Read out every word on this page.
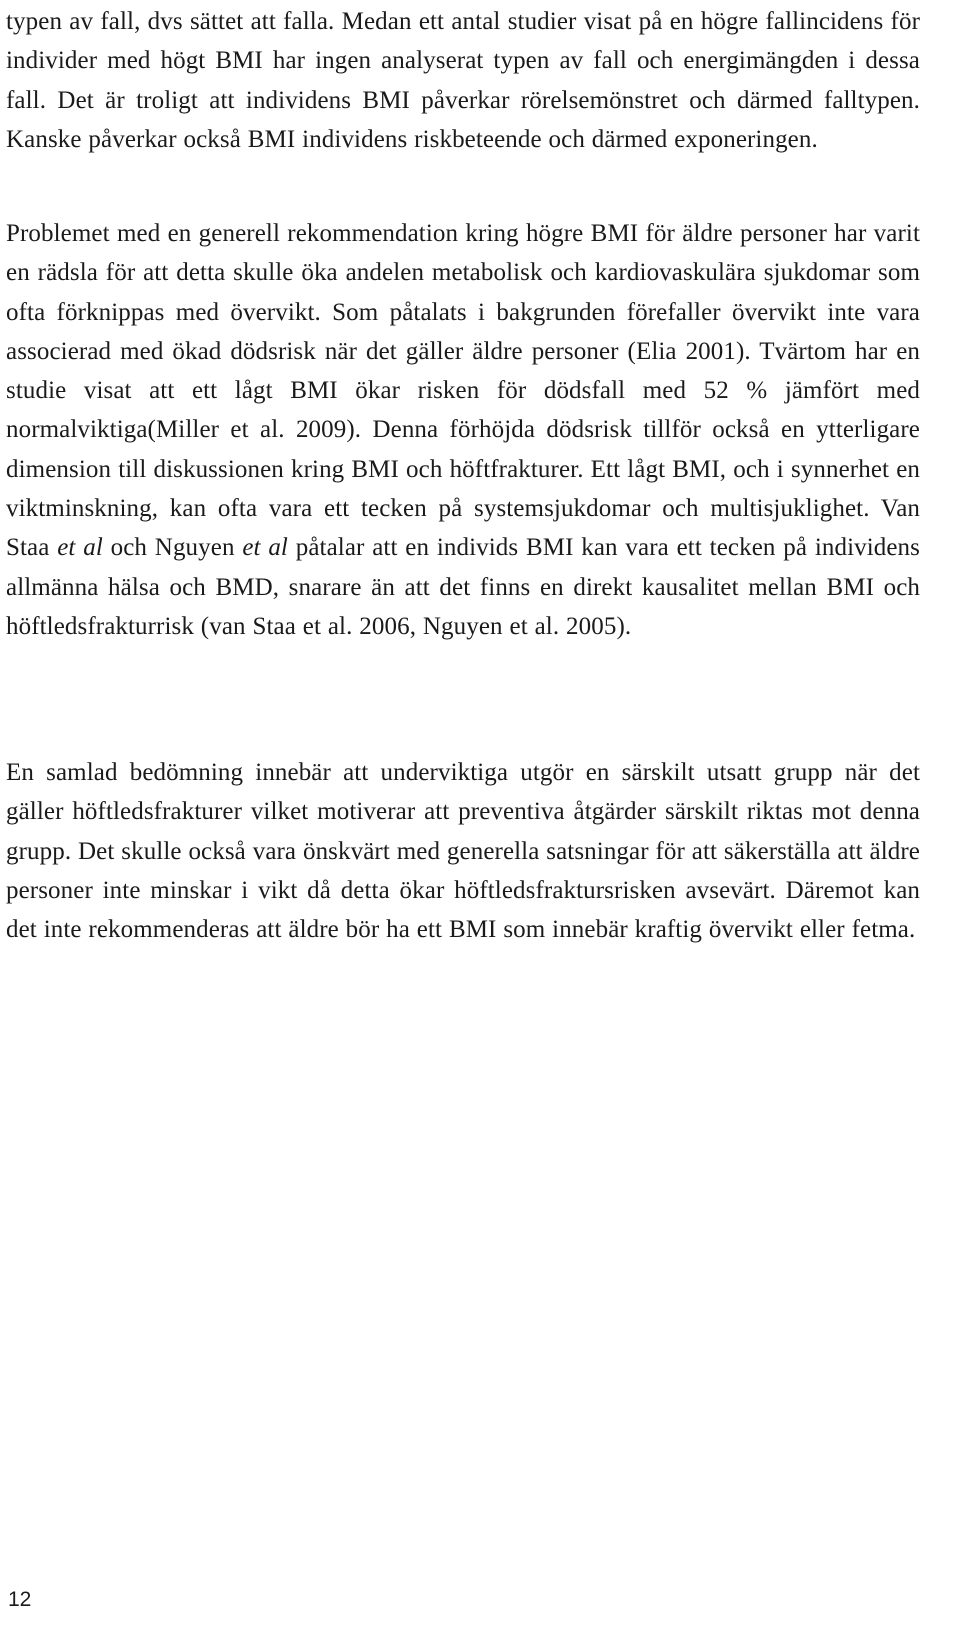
typen av fall, dvs sättet att falla. Medan ett antal studier visat på en högre fallincidens för individer med högt BMI har ingen analyserat typen av fall och energimängden i dessa fall. Det är troligt att individens BMI påverkar rörelsemönstret och därmed falltypen. Kanske påverkar också BMI individens riskbeteende och därmed exponeringen.

Problemet med en generell rekommendation kring högre BMI för äldre personer har varit en rädsla för att detta skulle öka andelen metabolisk och kardiovaskulära sjukdomar som ofta förknippas med övervikt. Som påtalats i bakgrunden förefaller övervikt inte vara associerad med ökad dödsrisk när det gäller äldre personer (Elia 2001). Tvärtom har en studie visat att ett lågt BMI ökar risken för dödsfall med 52 % jämfört med normalviktiga(Miller et al. 2009). Denna förhöjda dödsrisk tillför också en ytterligare dimension till diskussionen kring BMI och höftfrakturer. Ett lågt BMI, och i synnerhet en viktminskning, kan ofta vara ett tecken på systemsjukdomar och multisjuklighet. Van Staa et al och Nguyen et al påtalar att en individs BMI kan vara ett tecken på individens allmänna hälsa och BMD, snarare än att det finns en direkt kausalitet mellan BMI och höftledsfrakturrisk (van Staa et al. 2006, Nguyen et al. 2005).

En samlad bedömning innebär att underviktiga utgör en särskilt utsatt grupp när det gäller höftledsfrakturer vilket motiverar att preventiva åtgärder särskilt riktas mot denna grupp. Det skulle också vara önskvärt med generella satsningar för att säkerställa att äldre personer inte minskar i vikt då detta ökar höftledsfraktursrisken avsevärt. Däremot kan det inte rekommenderas att äldre bör ha ett BMI som innebär kraftig övervikt eller fetma.

12
